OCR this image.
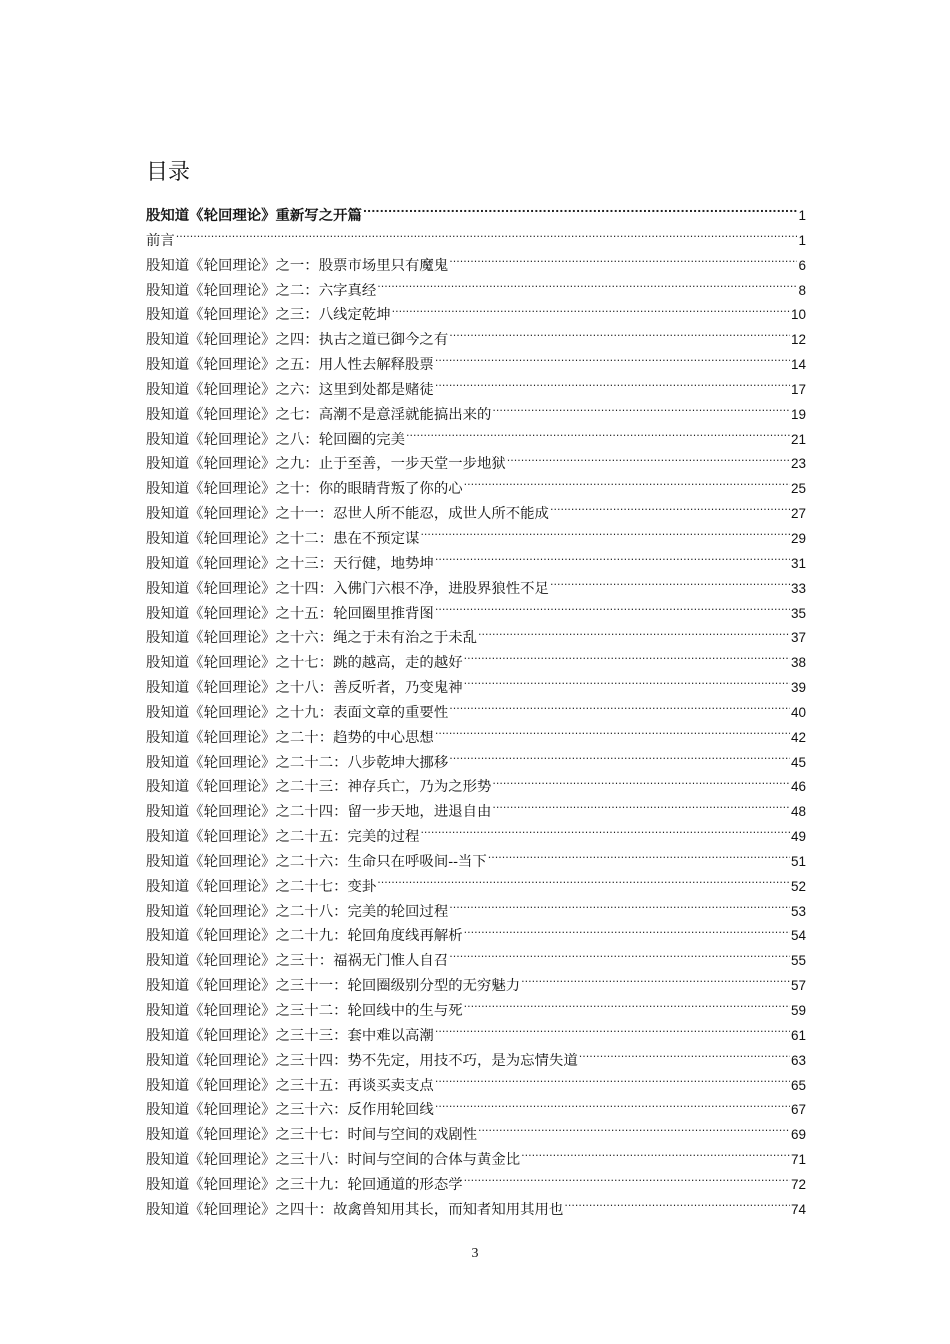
目录
股知道《轮回理论》重新写之开篇 .....	1
前言 .....	1
股知道《轮回理论》之一：股票市场里只有魔鬼 .....	6
股知道《轮回理论》之二：六字真经 .....	8
股知道《轮回理论》之三：八线定乾坤 .....	10
股知道《轮回理论》之四：执古之道已御今之有 .....	12
股知道《轮回理论》之五：用人性去解释股票 .....	14
股知道《轮回理论》之六：这里到处都是赌徒 .....	17
股知道《轮回理论》之七：高潮不是意淫就能搞出来的 .....	19
股知道《轮回理论》之八：轮回圈的完美 .....	21
股知道《轮回理论》之九：止于至善，一步天堂一步地狱 .....	23
股知道《轮回理论》之十：你的眼睛背叛了你的心 .....	25
股知道《轮回理论》之十一：忍世人所不能忍，成世人所不能成 .....	27
股知道《轮回理论》之十二：患在不预定谋 .....	29
股知道《轮回理论》之十三：天行健，地势坤 .....	31
股知道《轮回理论》之十四：入佛门六根不净，进股界狼性不足 .....	33
股知道《轮回理论》之十五：轮回圈里推背图 .....	35
股知道《轮回理论》之十六：绳之于未有治之于未乱 .....	37
股知道《轮回理论》之十七：跳的越高，走的越好 .....	38
股知道《轮回理论》之十八：善反听者，乃变鬼神 .....	39
股知道《轮回理论》之十九：表面文章的重要性 .....	40
股知道《轮回理论》之二十：趋势的中心思想 .....	42
股知道《轮回理论》之二十二：八步乾坤大挪移 .....	45
股知道《轮回理论》之二十三：神存兵亡，乃为之形势 .....	46
股知道《轮回理论》之二十四：留一步天地，进退自由 .....	48
股知道《轮回理论》之二十五：完美的过程 .....	49
股知道《轮回理论》之二十六：生命只在呼吸间--当下 .....	51
股知道《轮回理论》之二十七：变卦 .....	52
股知道《轮回理论》之二十八：完美的轮回过程 .....	53
股知道《轮回理论》之二十九：轮回角度线再解析 .....	54
股知道《轮回理论》之三十：福祸无门惟人自召 .....	55
股知道《轮回理论》之三十一：轮回圈级别分型的无穷魅力 .....	57
股知道《轮回理论》之三十二：轮回线中的生与死 .....	59
股知道《轮回理论》之三十三：套中难以高潮 .....	61
股知道《轮回理论》之三十四：势不先定，用技不巧，是为忘情失道 .....	63
股知道《轮回理论》之三十五：再谈买卖支点 .....	65
股知道《轮回理论》之三十六：反作用轮回线 .....	67
股知道《轮回理论》之三十七：时间与空间的戏剧性 .....	69
股知道《轮回理论》之三十八：时间与空间的合体与黄金比 .....	71
股知道《轮回理论》之三十九：轮回通道的形态学 .....	72
股知道《轮回理论》之四十：故禽兽知用其长，而知者知用其用也 .....	74
3
